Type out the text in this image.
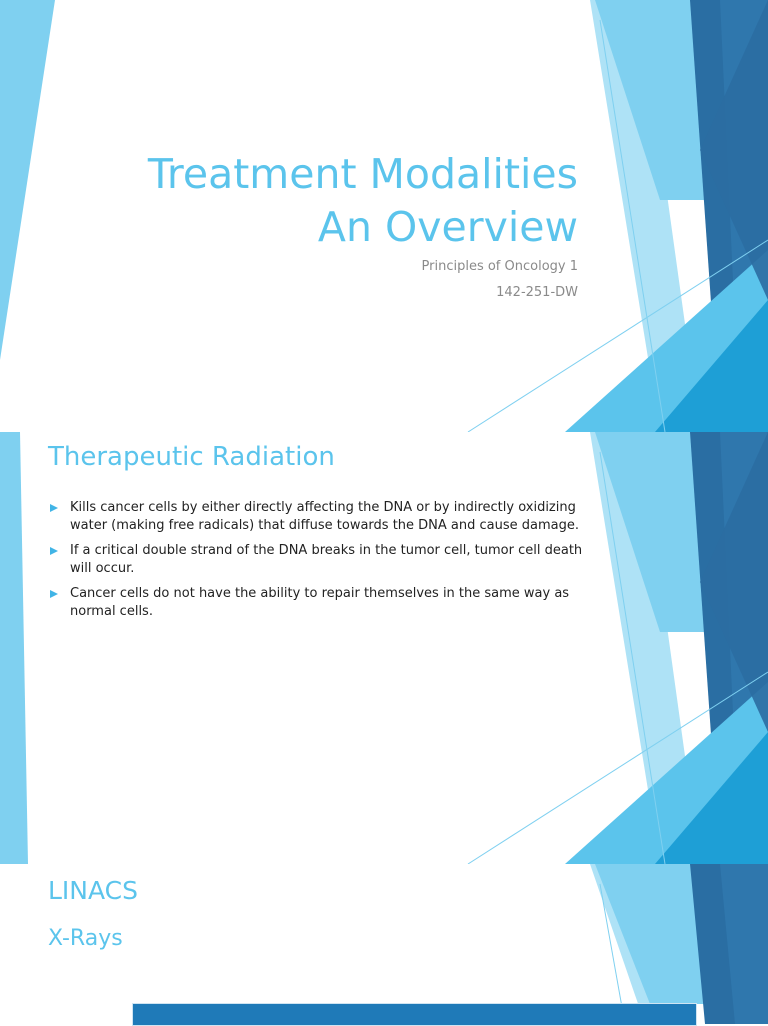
Treatment Modalities
An Overview
Principles of Oncology 1
142-251-DW
Therapeutic Radiation
Kills cancer cells by either directly affecting the DNA or by indirectly oxidizing water (making free radicals) that diffuse towards the DNA and cause damage.
If a critical double strand of the DNA breaks in the tumor cell, tumor cell death will occur.
Cancer cells do not have the ability to repair themselves in the same way as normal cells.
LINACS
X-Rays
